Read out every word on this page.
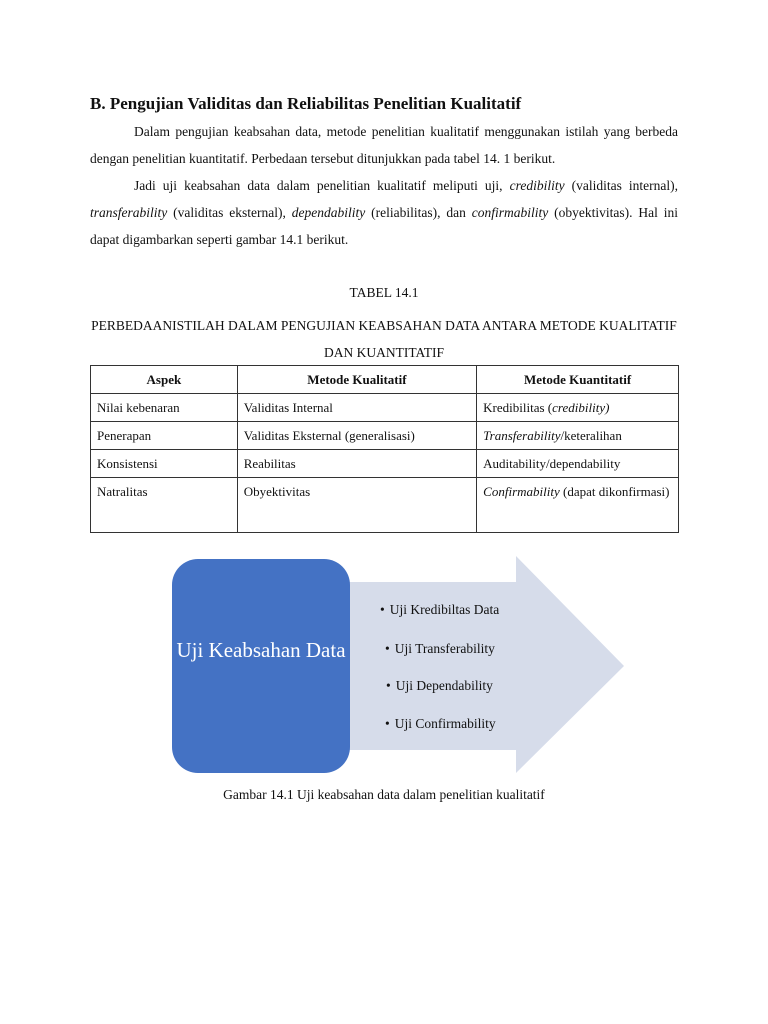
B. Pengujian Validitas dan Reliabilitas Penelitian Kualitatif

Dalam pengujian keabsahan data, metode penelitian kualitatif menggunakan istilah yang berbeda dengan penelitian kuantitatif. Perbedaan tersebut ditunjukkan pada tabel 14. 1 berikut.

Jadi uji keabsahan data dalam penelitian kualitatif meliputi uji, credibility (validitas internal), transferability (validitas eksternal), dependability (reliabilitas), dan confirmability (obyektivitas). Hal ini dapat digambarkan seperti gambar 14.1 berikut.

TABEL 14.1

PERBEDAANISTILAH DALAM PENGUJIAN KEABSAHAN DATA ANTARA METODE KUALITATIF DAN KUANTITATIF

Aspek	Metode Kualitatif	Metode Kuantitatif
Nilai kebenaran	Validitas Internal	Kredibilitas (credibility)
Penerapan	Validitas Eksternal (generalisasi)	Transferability/keteralihan
Konsistensi	Reabilitas	Auditability/dependability
Natralitas	Obyektivitas	Confirmability (dapat dikonfirmasi)
Uji Keabsahan Data
• Uji Kredibiltas Data
• Uji Transferability
• Uji Dependability
• Uji Confirmability

Gambar 14.1 Uji keabsahan data dalam penelitian kualitatif
